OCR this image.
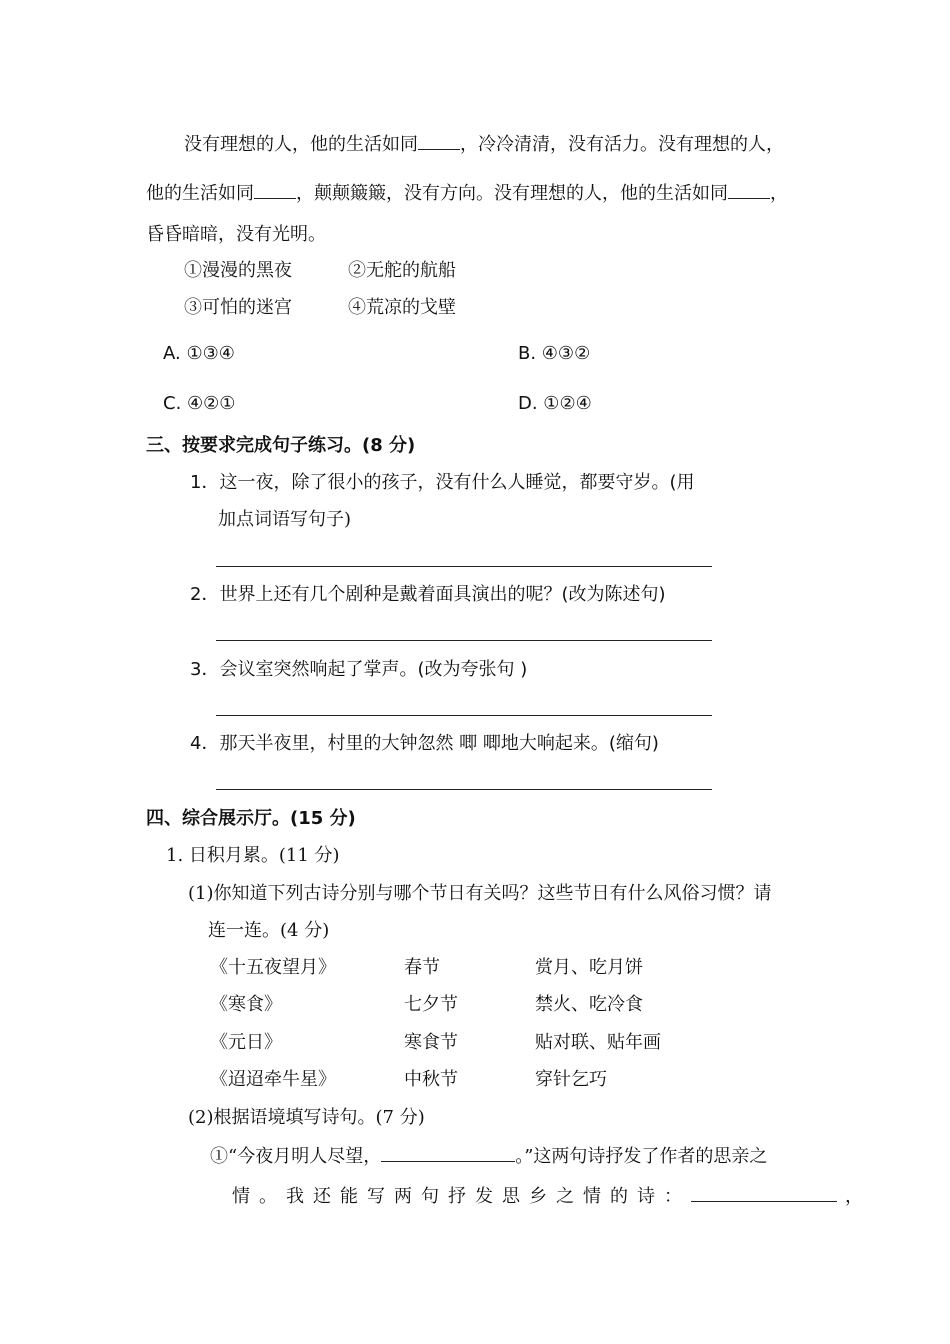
没有理想的人，他的生活如同 ，冷冷清清，没有活力。没有理想的人，
他的生活如同 ，颠颠簸簸，没有方向。没有理想的人，他的生活如同 ，
昏昏暗暗，没有光明。
①漫漫的黑夜	②无舵的航船
③可怕的迷宫	④荒凉的戈壁
A. ①③④	B. ④③②
C. ④②①	D. ①②④
三、按要求完成句子练习。(8 分)
1．这一夜，除了很小的孩子，没有什么人睡觉，都要守岁。(用
加点词语写句子)
2．世界上还有几个剧种是戴着面具演出的呢？(改为陈述句)
3．会议室突然响起了掌声。(改为夸张句 )
4．那天半夜里，村里的大钟忽然 唧 唧地大响起来。(缩句)
四、综合展示厅。(15 分)
1. 日积月累。(11 分)
(1)你知道下列古诗分别与哪个节日有关吗？这些节日有什么风俗习惯？请
连一连。(4 分)
《十五夜望月》	春节	赏月、吃月饼
《寒食》	七夕节	禁火、吃冷食
《元日》	寒食节	贴对联、贴年画
《迢迢牵牛星》	中秋节	穿针乞巧
(2)根据语境填写诗句。(7 分)
①“今夜月明人尽望，	。”这两句诗抒发了作者的思亲之
情。我还能写两句抒发思乡之情的诗：	，
